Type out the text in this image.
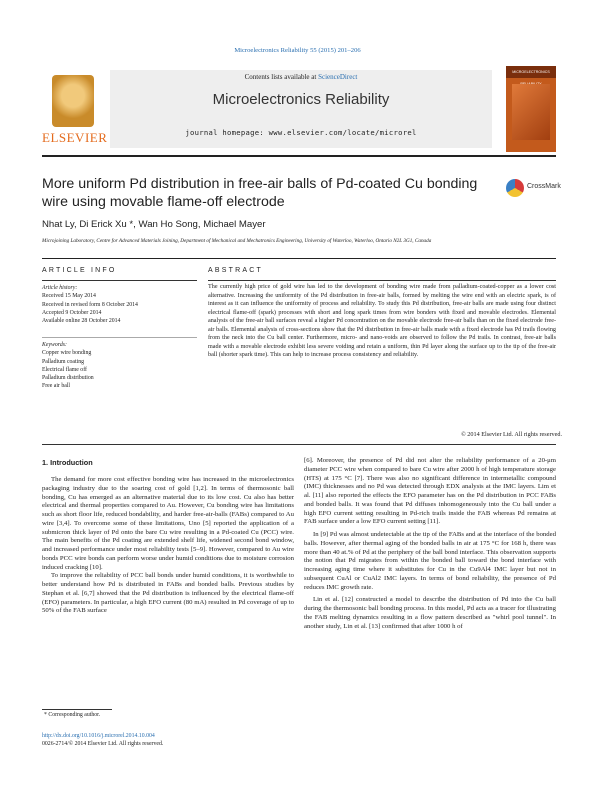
Microelectronics Reliability 55 (2015) 201–206
ELSEVIER
Contents lists available at ScienceDirect
Microelectronics Reliability
journal homepage: www.elsevier.com/locate/microrel
MICROELECTRONICS
More uniform Pd distribution in free-air balls of Pd-coated Cu bonding wire using movable flame-off electrode
CrossMark
Nhat Ly, Di Erick Xu *, Wan Ho Song, Michael Mayer
Microjoining Laboratory, Centre for Advanced Materials Joining, Department of Mechanical and Mechatronics Engineering, University of Waterloo, Waterloo, Ontario N2L 3G1, Canada
ARTICLE INFO	ABSTRACT
Article history:
Received 15 May 2014
Received in revised form 8 October 2014
Accepted 9 October 2014
Available online 28 October 2014
Keywords:
Copper wire bonding
Palladium coating
Electrical flame off
Palladium distribution
Free air ball
The currently high price of gold wire has led to the development of bonding wire made from palladium-coated-copper as a lower cost alternative. Increasing the uniformity of the Pd distribution in free-air balls, formed by melting the wire end with an electric spark, is of interest as it can influence the uniformity of process and reliability. To study this Pd distribution, free-air balls are made using four distinct electrical flame-off (spark) processes with short and long spark times from wire bonders with fixed and movable electrodes. Elemental analysis of the free-air ball surfaces reveal a higher Pd concentration on the movable electrode free-air balls than on the fixed electrode free-air balls. Elemental analysis of cross-sections show that the Pd distribution in free-air balls made with a fixed electrode has Pd trails flowing from the neck into the Cu ball center. Furthermore, micro- and nano-voids are observed to follow the Pd trails. In contrast, free-air balls made with a movable electrode exhibit less severe voiding and retain a uniform, thin Pd layer along the surface up to the tip of the free-air ball (shorter spark time). This can help to increase process consistency and reliability.
© 2014 Elsevier Ltd. All rights reserved.
1. Introduction

The demand for more cost effective bonding wire has increased in the microelectronics packaging industry due to the soaring cost of gold [1,2]. In terms of thermosonic ball bonding, Cu has emerged as an alternative material due to its low cost. Cu also has better electrical and thermal properties compared to Au. However, Cu bonding wire has limitations such as short floor life, reduced bondability, and harder free-air-balls (FABs) compared to Au wire [3,4]. To overcome some of these limitations, Uno [5] reported the application of a submicron thick layer of Pd onto the bare Cu wire resulting in a Pd-coated Cu (PCC) wire. The main benefits of the Pd coating are extended shelf life, widened second bond window, and increased performance under most reliability tests [5–9]. However, compared to Au wire bonds PCC wire bonds can perform worse under humid conditions due to moisture corrosion induced cracking [10].

To improve the reliability of PCC ball bonds under humid conditions, it is worthwhile to better understand how Pd is distributed in FABs and bonded balls. Previous studies by Stephan et al. [6,7] showed that the Pd distribution is influenced by the electrical flame-off (EFO) parameters. In particular, a high EFO current (80 mA) resulted in Pd coverage of up to 50% of the FAB surface

[6]. Moreover, the presence of Pd did not alter the reliability performance of a 20-μm diameter PCC wire when compared to bare Cu wire after 2000 h of high temperature storage (HTS) at 175 °C [7]. There was also no significant difference in intermetallic compound (IMC) thicknesses and no Pd was detected through EDX analysis at the IMC layers. Lim et al. [11] also reported the effects the EFO parameter has on the Pd distribution in PCC FABs and bonded balls. It was found that Pd diffuses inhomogeneously into the Cu ball under a high EFO current setting resulting in Pd-rich trails inside the FAB whereas Pd remains at FAB surface under a low EFO current setting [11].

In [9] Pd was almost undetectable at the tip of the FABs and at the interface of the bonded balls. However, after thermal aging of the bonded balls in air at 175 °C for 168 h, there was more than 40 at.% of Pd at the periphery of the ball bond interface. This observation supports the notion that Pd migrates from within the bonded ball toward the bond interface with increasing aging time where it substitutes for Cu in the Cu9Al4 IMC layer but not in subsequent CuAl or CuAl2 IMC layers. In terms of bond reliability, the presence of Pd reduces IMC growth rate.

Lin et al. [12] constructed a model to describe the distribution of Pd into the Cu ball during the thermosonic ball bonding process. In this model, Pd acts as a tracer for illustrating the FAB melting dynamics resulting in a flow pattern described as "whirl pool tunnel". In another study, Lin et al. [13] confirmed that after 1000 h of

* Corresponding author.
http://dx.doi.org/10.1016/j.microrel.2014.10.004
0026-2714/© 2014 Elsevier Ltd. All rights reserved.
